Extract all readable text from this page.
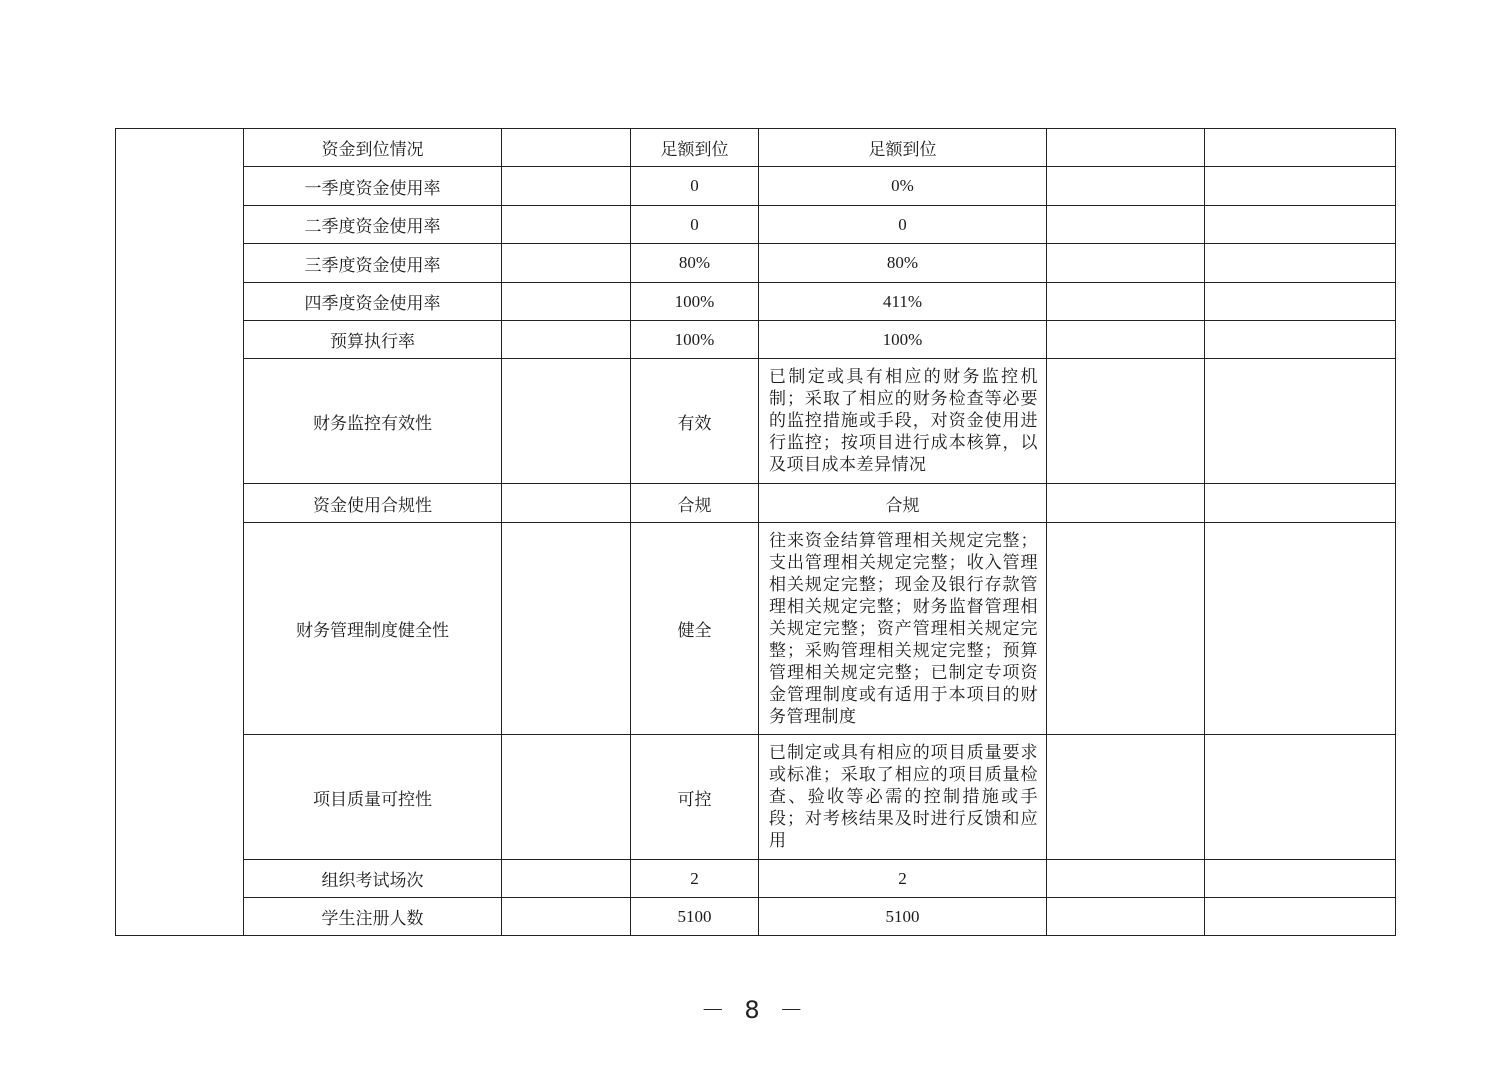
	资金到位情况		足额到位	足额到位		
	一季度资金使用率		0	0%		
	二季度资金使用率		0	0		
	三季度资金使用率		80%	80%		
	四季度资金使用率		100%	411%		
	预算执行率		100%	100%		
	财务监控有效性		有效	已制定或具有相应的财务监控机制；采取了相应的财务检查等必要的监控措施或手段，对资金使用进行监控；按项目进行成本核算，以及项目成本差异情况		
	资金使用合规性		合规	合规		
	财务管理制度健全性		健全	往来资金结算管理相关规定完整；支出管理相关规定完整；收入管理相关规定完整；现金及银行存款管理相关规定完整；财务监督管理相关规定完整；资产管理相关规定完整；采购管理相关规定完整；预算管理相关规定完整；已制定专项资金管理制度或有适用于本项目的财务管理制度		
	项目质量可控性		可控	已制定或具有相应的项目质量要求或标准；采取了相应的项目质量检查、验收等必需的控制措施或手段；对考核结果及时进行反馈和应用		
	组织考试场次		2	2		
	学生注册人数		5100	5100		
－ 8 －
